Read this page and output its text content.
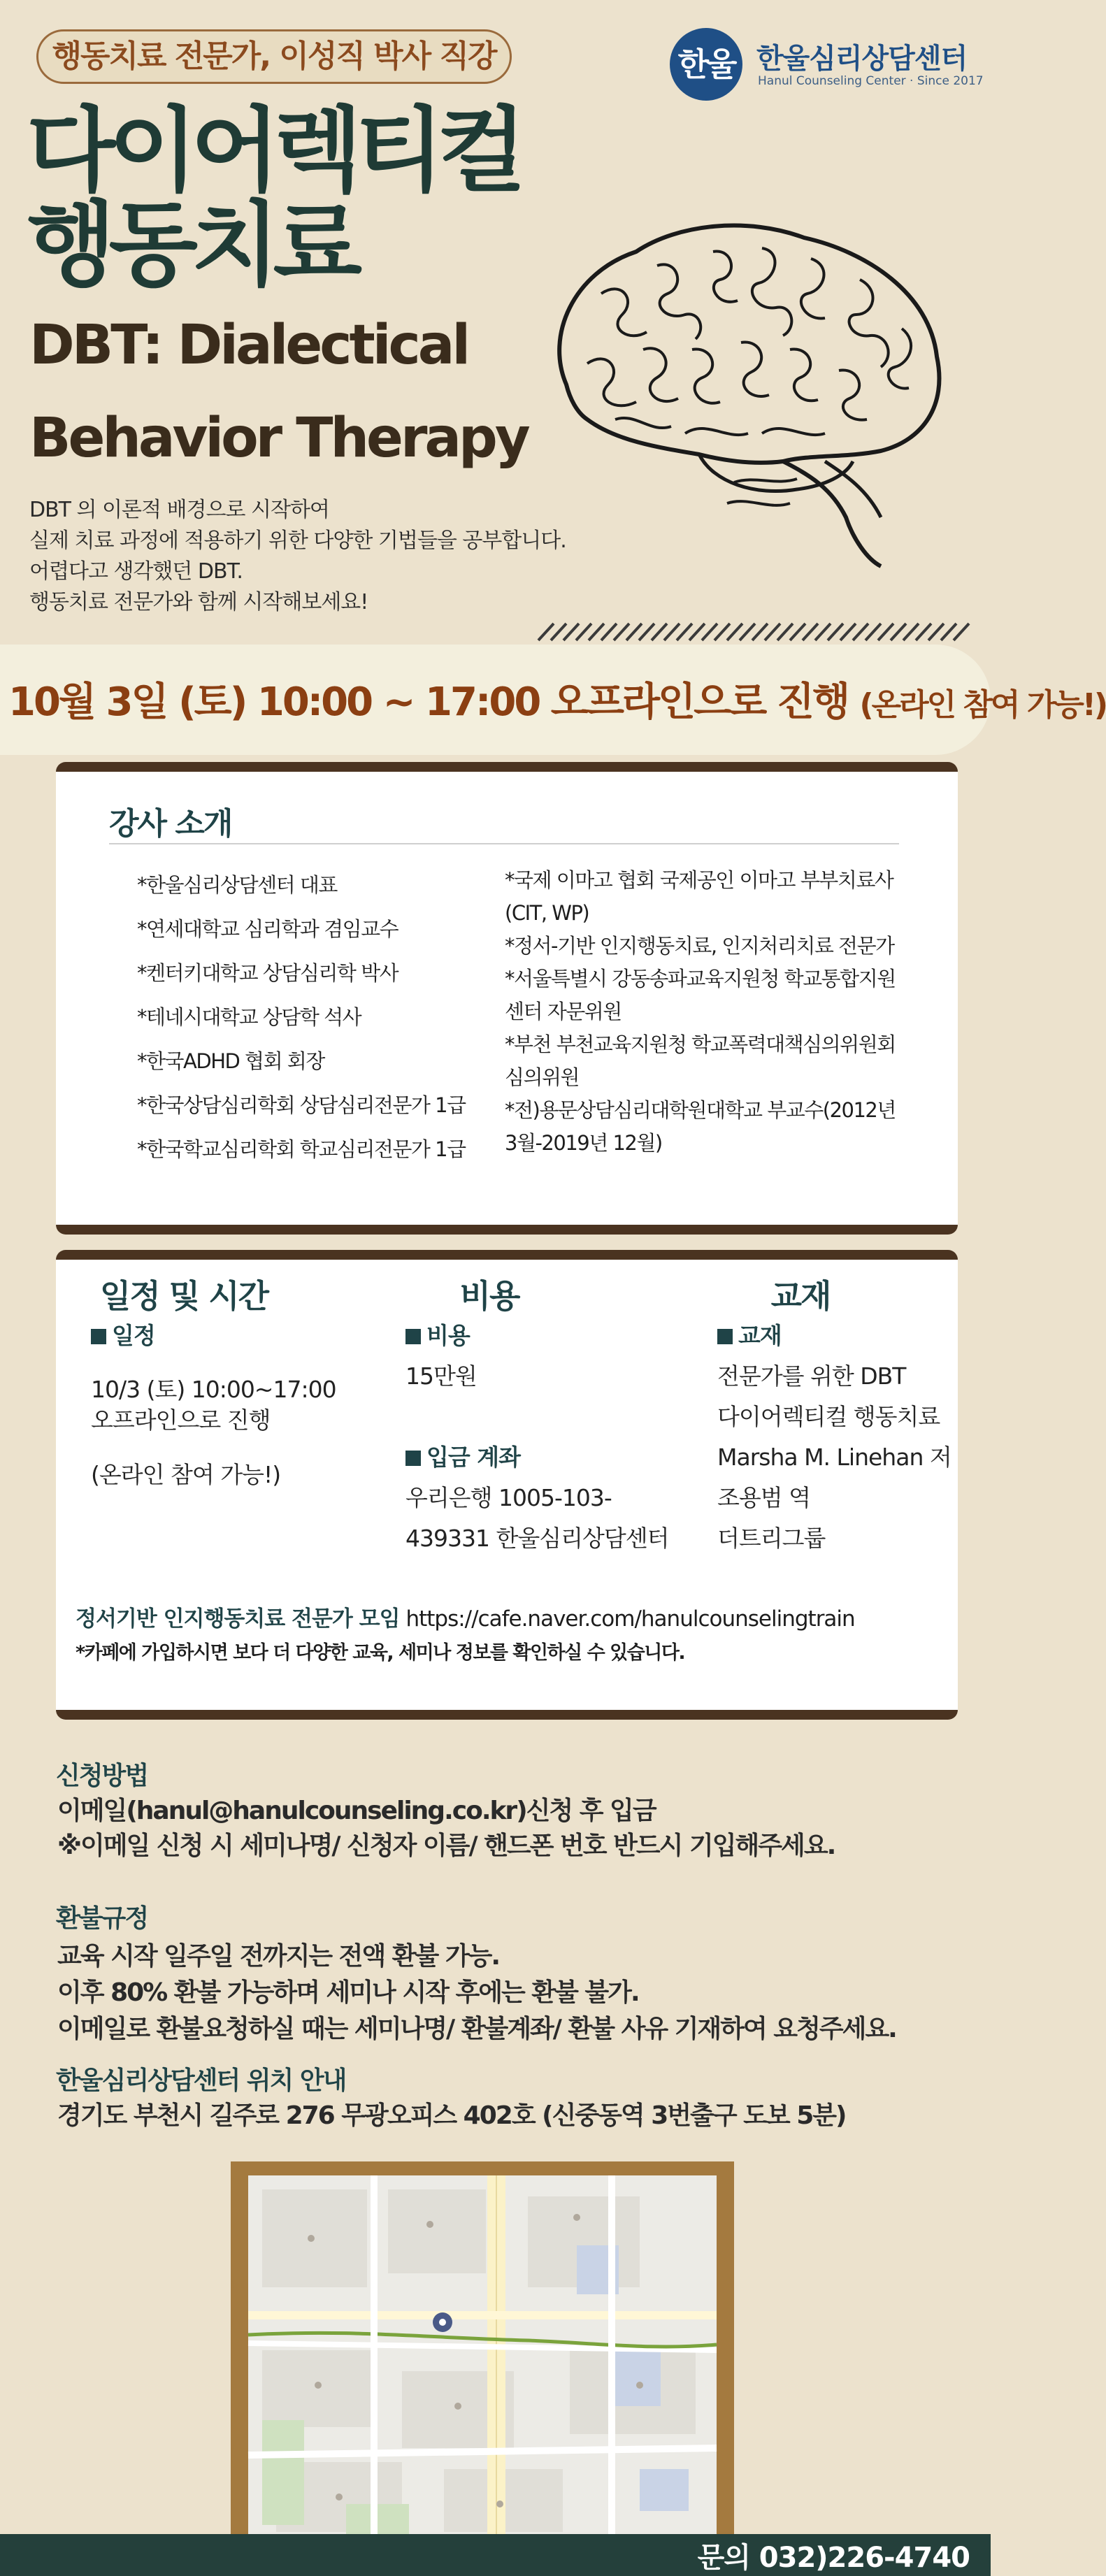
행동치료 전문가, 이성직 박사 직강	한울 한울심리상담센터
Hanul Counseling Center · Since 2017
다이어렉티컬
행동치료
DBT: Dialectical
Behavior Therapy
DBT 의 이론적 배경으로 시작하여
실제 치료 과정에 적용하기 위한 다양한 기법들을 공부합니다.
어렵다고 생각했던 DBT.
행동치료 전문가와 함께 시작해보세요!
10월 3일 (토) 10:00 ~ 17:00 오프라인으로 진행 (온라인 참여 가능!)
강사 소개
*한울심리상담센터 대표
*연세대학교 심리학과 겸임교수
*켄터키대학교 상담심리학 박사
*테네시대학교 상담학 석사
*한국ADHD 협회 회장
*한국상담심리학회 상담심리전문가 1급
*한국학교심리학회 학교심리전문가 1급
*국제 이마고 협회 국제공인 이마고 부부치료사
(CIT, WP)
*정서-기반 인지행동치료, 인지처리치료 전문가
*서울특별시 강동송파교육지원청 학교통합지원
센터 자문위원
*부천 부천교육지원청 학교폭력대책심의위원회
심의위원
*전)용문상담심리대학원대학교 부교수(2012년
3월-2019년 12월)
일정 및 시간	비용	교재
일정
10/3 (토) 10:00~17:00
오프라인으로 진행
(온라인 참여 가능!)
비용
15만원
입금 계좌
우리은행 1005-103-
439331 한울심리상담센터
교재
전문가를 위한 DBT
다이어렉티컬 행동치료
Marsha M. Linehan 저
조용범 역
더트리그룹
정서기반 인지행동치료 전문가 모임 https://cafe.naver.com/hanulcounselingtrain
*카페에 가입하시면 보다 더 다양한 교육, 세미나 정보를 확인하실 수 있습니다.
신청방법
이메일(hanul@hanulcounseling.co.kr)신청 후 입금
※이메일 신청 시 세미나명/ 신청자 이름/ 핸드폰 번호 반드시 기입해주세요.
환불규정
교육 시작 일주일 전까지는 전액 환불 가능.
이후 80% 환불 가능하며 세미나 시작 후에는 환불 불가.
이메일로 환불요청하실 때는 세미나명/ 환불계좌/ 환불 사유 기재하여 요청주세요.
한울심리상담센터 위치 안내
경기도 부천시 길주로 276 무광오피스 402호 (신중동역 3번출구 도보 5분)
문의 032)226-4740
